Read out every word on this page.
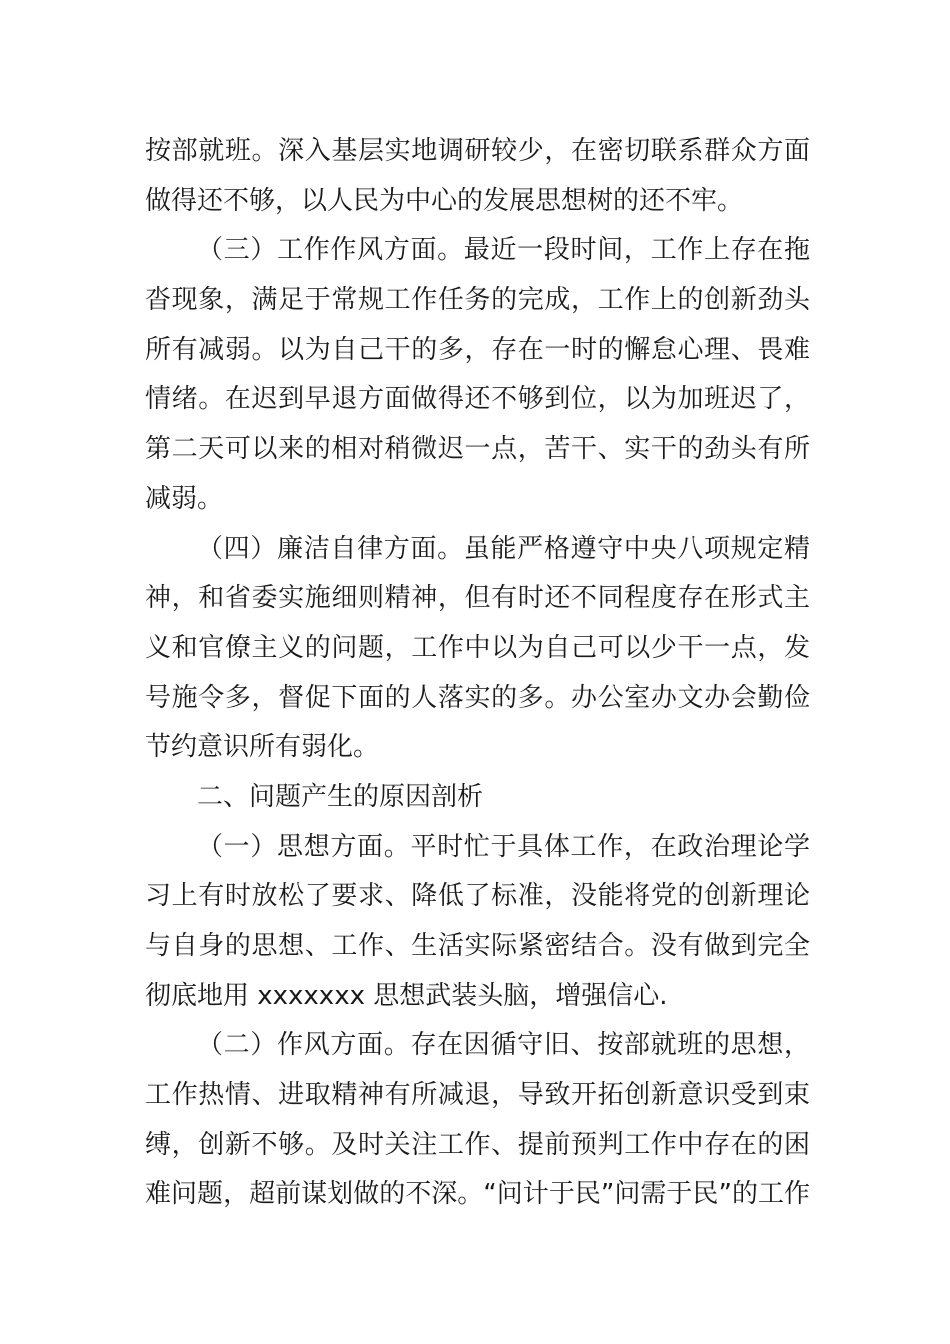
按部就班。深入基层实地调研较少，在密切联系群众方面
做得还不够，以人民为中心的发展思想树的还不牢。
（三）工作作风方面。最近一段时间，工作上存在拖
沓现象，满足于常规工作任务的完成，工作上的创新劲头
所有减弱。以为自己干的多，存在一时的懈怠心理、畏难
情绪。在迟到早退方面做得还不够到位，以为加班迟了，
第二天可以来的相对稍微迟一点，苦干、实干的劲头有所
减弱。
（四）廉洁自律方面。虽能严格遵守中央八项规定精
神，和省委实施细则精神，但有时还不同程度存在形式主
义和官僚主义的问题，工作中以为自己可以少干一点，发
号施令多，督促下面的人落实的多。办公室办文办会勤俭
节约意识所有弱化。
二、问题产生的原因剖析
（一）思想方面。平时忙于具体工作，在政治理论学
习上有时放松了要求、降低了标准，没能将党的创新理论
与自身的思想、工作、生活实际紧密结合。没有做到完全
彻底地用 xxxxxxx 思想武装头脑，增强信心.
（二）作风方面。存在因循守旧、按部就班的思想，
工作热情、进取精神有所减退，导致开拓创新意识受到束
缚，创新不够。及时关注工作、提前预判工作中存在的困
难问题，超前谋划做的不深。“问计于民”问需于民”的工作
